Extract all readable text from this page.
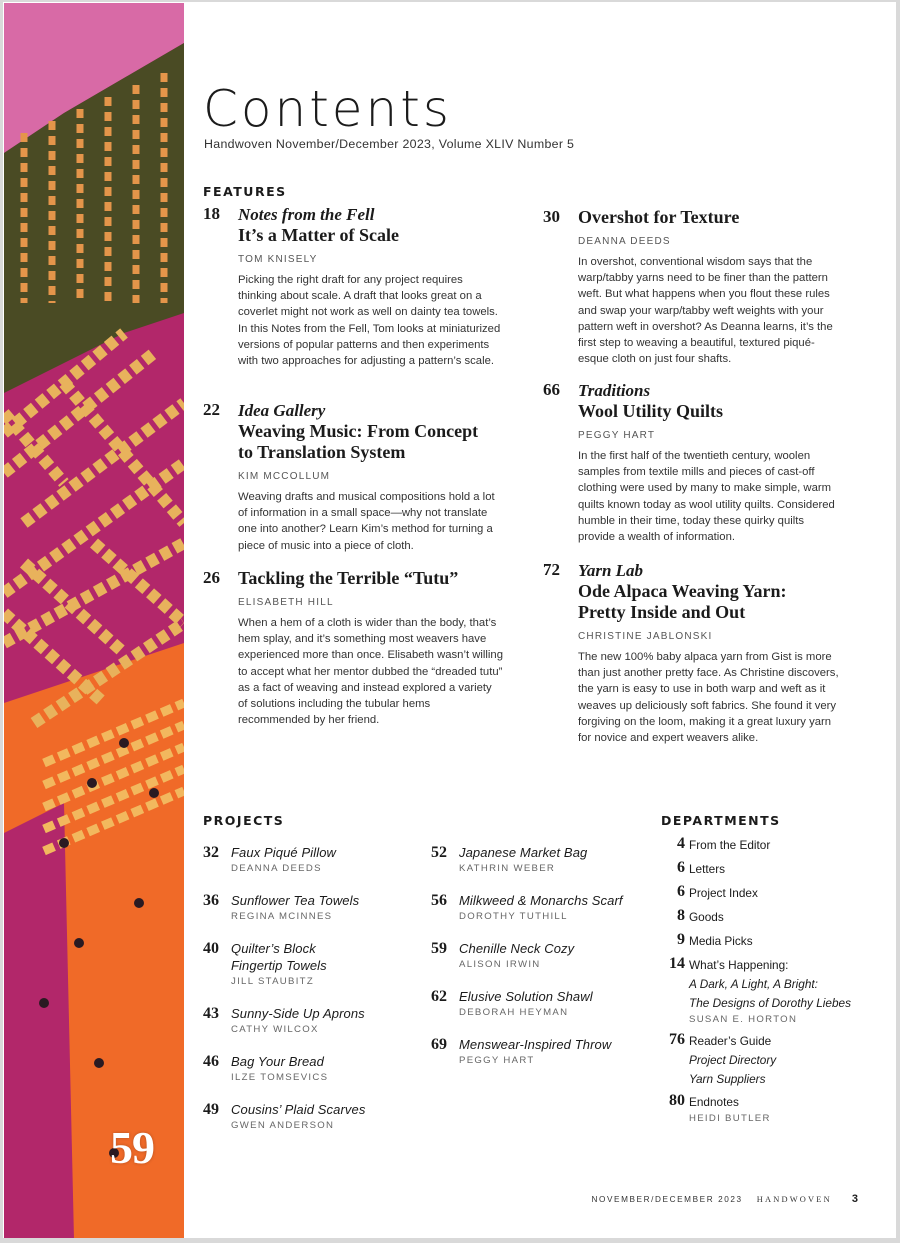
59
Contents
Handwoven November/December 2023, Volume XLIV Number 5
FEATURES
18 Notes from the Fell
It’s a Matter of Scale
TOM KNISELY
Picking the right draft for any project requires thinking about scale. A draft that looks great on a coverlet might not work as well on dainty tea towels. In this Notes from the Fell, Tom looks at miniaturized versions of popular patterns and then experiments with two approaches for adjusting a pattern’s scale.
22 Idea Gallery
Weaving Music: From Concept to Translation System
KIM MCCOLLUM
Weaving drafts and musical compositions hold a lot of information in a small space—why not translate one into another? Learn Kim’s method for turning a piece of music into a piece of cloth.
26 Tackling the Terrible “Tutu”
ELISABETH HILL
When a hem of a cloth is wider than the body, that’s hem splay, and it’s something most weavers have experienced more than once. Elisabeth wasn’t willing to accept what her mentor dubbed the “dreaded tutu” as a fact of weaving and instead explored a variety of solutions including the tubular hems recommended by her friend.
30 Overshot for Texture
DEANNA DEEDS
In overshot, conventional wisdom says that the warp/tabby yarns need to be finer than the pattern weft. But what happens when you flout these rules and swap your warp/tabby weft weights with your pattern weft in overshot? As Deanna learns, it’s the first step to weaving a beautiful, textured piqué-esque cloth on just four shafts.
66 Traditions
Wool Utility Quilts
PEGGY HART
In the first half of the twentieth century, woolen samples from textile mills and pieces of cast-off clothing were used by many to make simple, warm quilts known today as wool utility quilts. Considered humble in their time, today these quirky quilts provide a wealth of information.
72 Yarn Lab
Ode Alpaca Weaving Yarn: Pretty Inside and Out
CHRISTINE JABLONSKI
The new 100% baby alpaca yarn from Gist is more than just another pretty face. As Christine discovers, the yarn is easy to use in both warp and weft as it weaves up deliciously soft fabrics. She found it very forgiving on the loom, making it a great luxury yarn for novice and expert weavers alike.
PROJECTS
32 Faux Piqué Pillow
DEANNA DEEDS
36 Sunflower Tea Towels
REGINA MCINNES
40 Quilter’s Block Fingertip Towels
JILL STAUBITZ
43 Sunny-Side Up Aprons
CATHY WILCOX
46 Bag Your Bread
ILZE TOMSEVICS
49 Cousins’ Plaid Scarves
GWEN ANDERSON
52 Japanese Market Bag
KATHRIN WEBER
56 Milkweed & Monarchs Scarf
DOROTHY TUTHILL
59 Chenille Neck Cozy
ALISON IRWIN
62 Elusive Solution Shawl
DEBORAH HEYMAN
69 Menswear-Inspired Throw
PEGGY HART
DEPARTMENTS
4 From the Editor
6 Letters
6 Project Index
8 Goods
9 Media Picks
14 What’s Happening:
A Dark, A Light, A Bright:
The Designs of Dorothy Liebes
SUSAN E. HORTON
76 Reader’s Guide
Project Directory
Yarn Suppliers
80 Endnotes
HEIDI BUTLER
NOVEMBER/DECEMBER 2023 HANDWOVEN 3
